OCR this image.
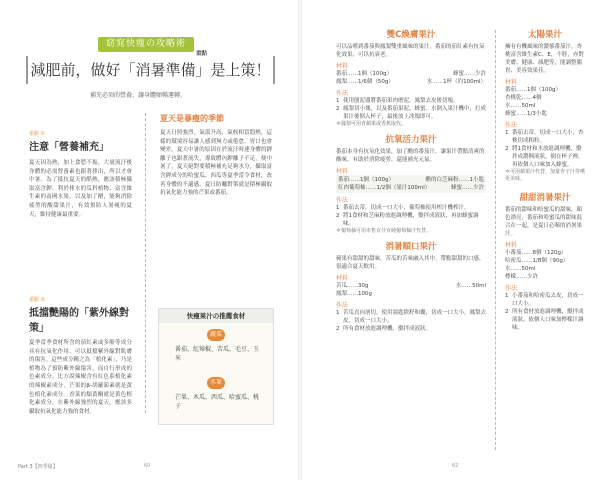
窈窕快瘦の攻略術
重點
減肥前，做好「消暑準備」是上策！
補充必須的營養，讓身體順暢運轉。
重點 ①
注意「營養補充」
夏天因為熱，加上食慾不振，大量流汗後身體的必需營養素也跟著排出，所以才會中暑。為了抵抗夏天的酷熱，應該積極攝取富含鉀，利於排水的瓜科植物、富含維生素的南國水果，以及加了醋，能夠消除疲勞的酸甜果汁，有效預防人暑瘦的夏天，維持健康最重要。
重點 ②
抵擋艷陽的「紫外線對策」
夏季當季食材所含的茄紅素或多酚等成分具有抗氧化作用，可以抵擋紫外線對肌膚的傷害。這些成分稱之為「植化素」，乃是植物為了預防紫外線傷害，而自行形成的色素成分。比方說辣椒含有紅色系植化素的辣椒素成分，芒果的β-胡蘿蔔素就是黃色植化素成分。香菜的類黃酮就是黃色植化素成分，在紫外線強烈的夏天，應該多攝取抗氧化能力強的食材。
夏天是暴瘦的季節
夏天日照強烈，氣溫升高，氣候相當悶熱，這樣的環境容易讓人感到無力或倦怠，胃口也會變差。夏天中暑的原因在於流汗時連身體的鉀離子也跟著流失，導致體內鉀離子不足，便中暑了。夏天絕對要積極補充足夠水分，攝取富含鉀成分的哈蜜瓜、西瓜等夏季當令食材，改善身體的不適感。夏日防曬對策就是積極攝取抗氧化能力強的芒果或番茄。
快瘦果汁の推薦食材
蔬菜
番茄、紅辣椒、苦瓜、毛豆、玉米
水果
芒果、木瓜、西瓜、哈蜜瓜、桃子
Part 3【四季篇】	60
雙C煥膚果汁
可以品嚐到番茄與鳳梨雙重風味的果汁，番茄的茄紅素有抗氧化效果，可以抗衰老。
材料
番茄……1個（100g）	蜂蜜……少許
鳳梨……1/6個（50g）	水……1杯（約100ml）
作法
1 使用刨泥器將番茄果肉磨泥，鳳梨去皮後切塊。
2 鳳梨切小塊，以及番茄果泥、蜂蜜、水倒入果汁機中，打成果汁後倒入杯子，最後放上冰塊即可。
＊鳳梨可用青蘋果或香蕉取代。
抗氧活力果汁
番茄本身有抗氧化效果，加了醋的番茄汁，讓果汁帶點清爽的酸味，有助於消除疲勞，還能補充元氣。
材料
番茄……1個（100g）	醋的白芝麻粉……1小匙
紅肉葡萄柚……1/2個（果汁100ml）	蜂蜜……少許
作法
1 番茄去蒂，切成一口大小，葡萄柚使用榨汁機榨汁。
2 將1食材和芝麻粉放進調理機，攪拌成液狀，再加蜂蜜調味。
＊葡萄柚可用市售百分百純葡萄柚汁代替。
消暑順口果汁
蘋果有甜甜的甜味，苦瓜的苦味融入其中。帶點甜甜的口感，很適合夏天飲用。
材料
苦瓜……30g	水……50ml
鳳梨……100g
作法
1 苦瓜直向剖切，使用湯匙除籽和囊，切成一口大小，鳳梨去皮，切成一口大小。
2 所有食材放進調理機，攪拌成液狀。
太陽果汁
擁有有機風味的濃郁番茄汁，杏桃富含維生素C、E，不胖，亦對美膚、健康、減肥等，能調整腸胃、美容效果佳。
材料
番茄……1個（100g）
杏桃乾……4個
水……50ml
蜂蜜……1/3小匙
作法
1 番茄去蒂，切成一口大小，杏桃切成粗粒。
2 將1食材和水放進調理機，攪拌成濃稠液狀，倒在杯子裡，再依個人口味加入蜂蜜。
＊可用蘋果汁代替，加量杏子汁等嚐更美味。
甜甜消暑果汁
番茄的甜味和哈蜜瓜的甜味，顏色漂亮，番茄和哈蜜瓜的甜味混合在一起，是夏日必喝的消暑果汁。
材料
小番茄……8個（120g）
哈密瓜……1/8個（90g）
水……50ml
檸檬……少許
作法
1 小番茄和哈密瓜去皮，切成一口大小。
2 所有食材放進調理機，攪拌成液狀，依個人口味加檸檬汁調味。
62
